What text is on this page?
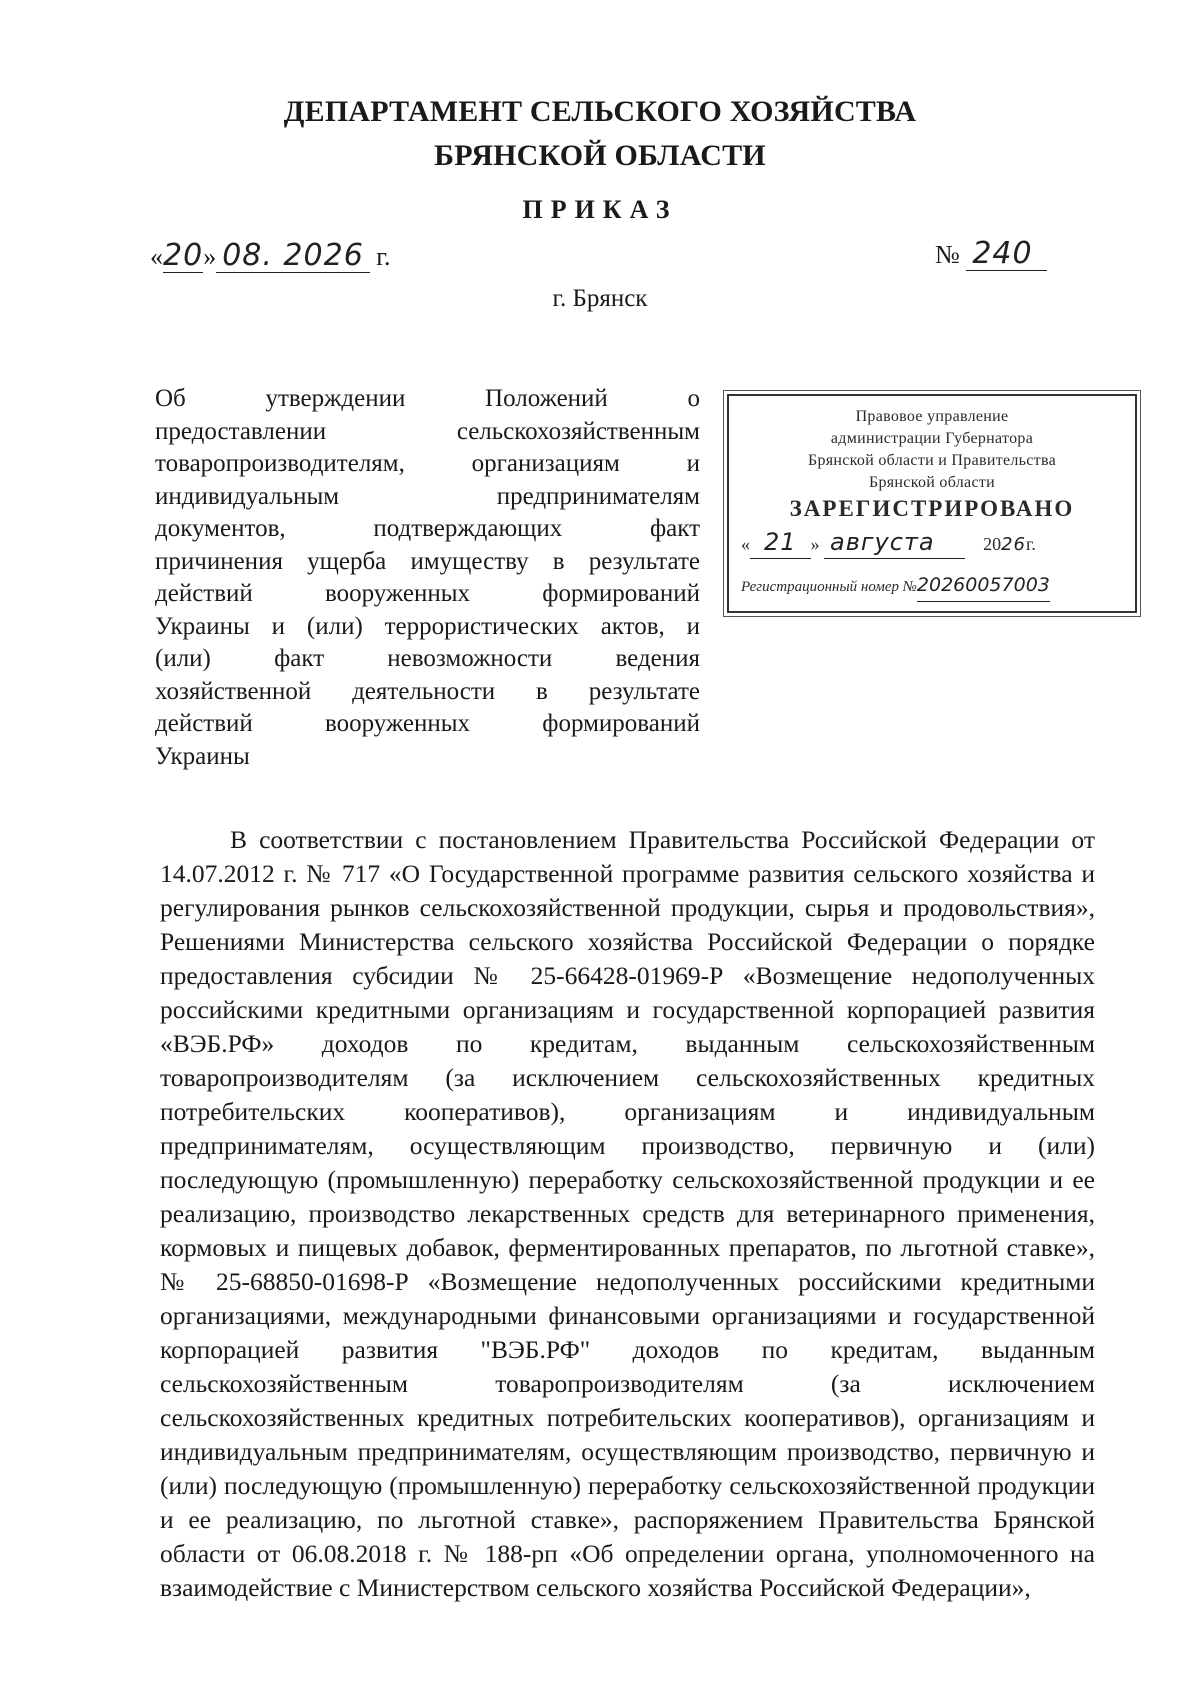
ДЕПАРТАМЕНТ СЕЛЬСКОГО ХОЗЯЙСТВА
БРЯНСКОЙ ОБЛАСТИ
ПРИКАЗ
«20» 08. 2026 г.	№ 240
г. Брянск
Об утверждении Положений о
предоставлении сельскохозяйственным
товаропроизводителям, организациям и
индивидуальным предпринимателям
документов, подтверждающих факт
причинения ущерба имуществу в результате
действий вооруженных формирований
Украины и (или) террористических актов, и
(или) факт невозможности ведения
хозяйственной деятельности в результате
действий вооруженных формирований
Украины
Правовое управление
администрации Губернатора
Брянской области и Правительства
Брянской области
ЗАРЕГИСТРИРОВАНО
« 21 » августа	2026г.
Регистрационный номер №20260057003
В соответствии с постановлением Правительства Российской Федерации от 14.07.2012 г. № 717 «О Государственной программе развития сельского хозяйства и регулирования рынков сельскохозяйственной продукции, сырья и продовольствия», Решениями Министерства сельского хозяйства Российской Федерации о порядке предоставления субсидии № 25-66428-01969-Р «Возмещение недополученных российскими кредитными организациям и государственной корпорацией развития «ВЭБ.РФ» доходов по кредитам, выданным сельскохозяйственным товаропроизводителям (за исключением сельскохозяйственных кредитных потребительских кооперативов), организациям и индивидуальным предпринимателям, осуществляющим производство, первичную и (или) последующую (промышленную) переработку сельскохозяйственной продукции и ее реализацию, производство лекарственных средств для ветеринарного применения, кормовых и пищевых добавок, ферментированных препаратов, по льготной ставке», № 25-68850-01698-Р «Возмещение недополученных российскими кредитными организациями, международными финансовыми организациями и государственной корпорацией развития "ВЭБ.РФ" доходов по кредитам, выданным сельскохозяйственным товаропроизводителям (за исключением сельскохозяйственных кредитных потребительских кооперативов), организациям и индивидуальным предпринимателям, осуществляющим производство, первичную и (или) последующую (промышленную) переработку сельскохозяйственной продукции и ее реализацию, по льготной ставке», распоряжением Правительства Брянской области от 06.08.2018 г. № 188-рп «Об определении органа, уполномоченного на взаимодействие с Министерством сельского хозяйства Российской Федерации»,
